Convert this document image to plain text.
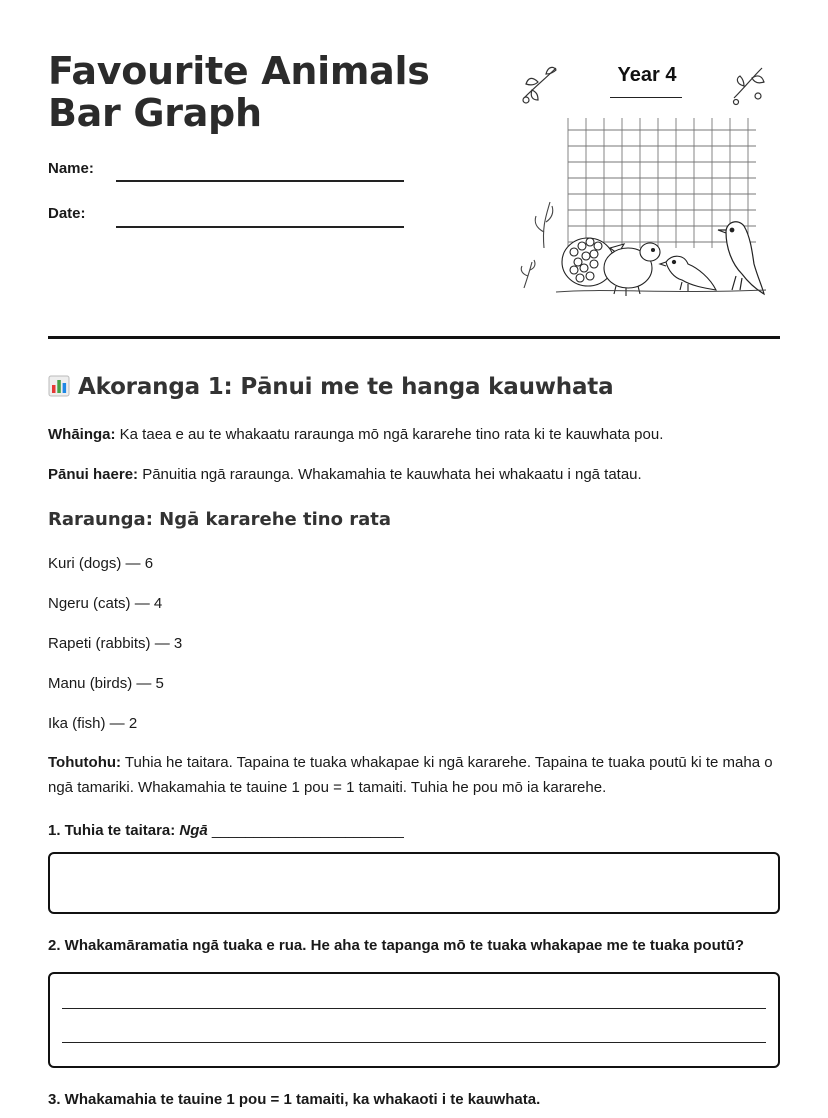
Favourite Animals Bar Graph
Name:
Date:
Year 4
Akoranga 1: Pānui me te hanga kauwhata
Whāinga: Ka taea e au te whakaatu raraunga mō ngā kararehe tino rata ki te kauwhata pou.
Pānui haere: Pānuitia ngā raraunga. Whakamahia te kauwhata hei whakaatu i ngā tatau.
Raraunga: Ngā kararehe tino rata
Kuri (dogs) — 6
Ngeru (cats) — 4
Rapeti (rabbits) — 3
Manu (birds) — 5
Ika (fish) — 2
Tohutohu: Tuhia he taitara. Tapaina te tuaka whakapae ki ngā kararehe. Tapaina te tuaka poutū ki te maha o ngā tamariki. Whakamahia te tauine 1 pou = 1 tamaiti. Tuhia he pou mō ia kararehe.
1. Tuhia te taitara: Ngā _______________________
2. Whakamāramatia ngā tuaka e rua. He aha te tapanga mō te tuaka whakapae me te tuaka poutū?
3. Whakamahia te tauine 1 pou = 1 tamaiti, ka whakaoti i te kauwhata.
